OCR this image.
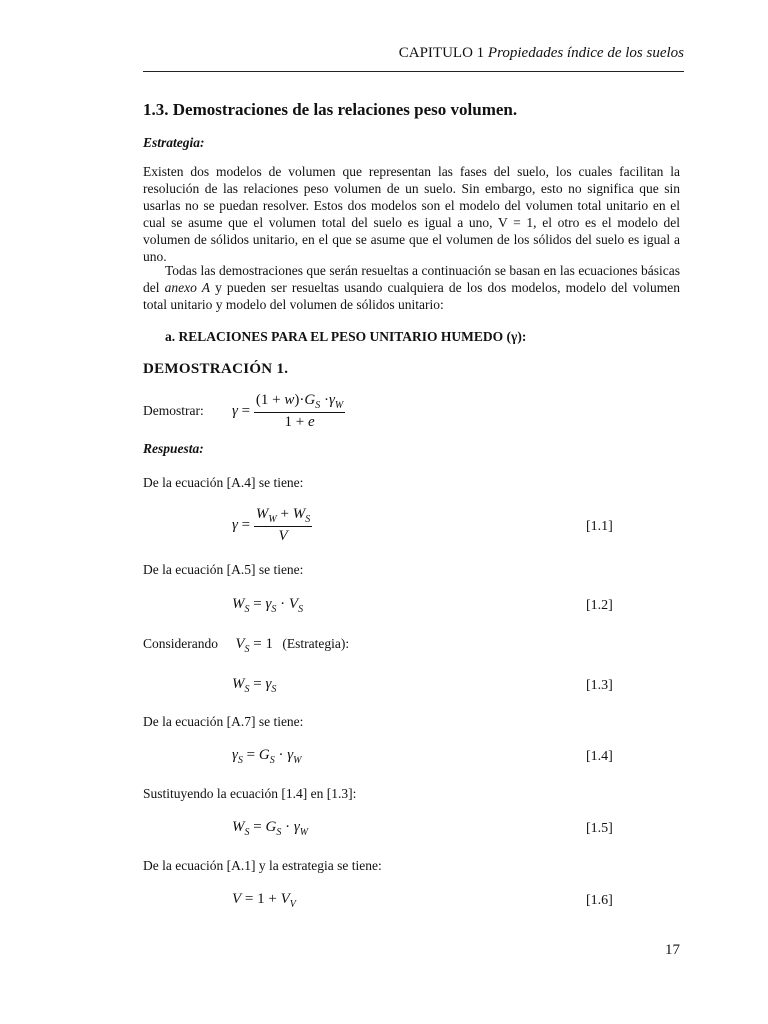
CAPITULO 1 Propiedades índice de los suelos
1.3. Demostraciones de las relaciones peso volumen.
Estrategia:
Existen dos modelos de volumen que representan las fases del suelo, los cuales facilitan la resolución de las relaciones peso volumen de un suelo. Sin embargo, esto no significa que sin usarlas no se puedan resolver. Estos dos modelos son el modelo del volumen total unitario en el cual se asume que el volumen total del suelo es igual a uno, V = 1, el otro es el modelo del volumen de sólidos unitario, en el que se asume que el volumen de los sólidos del suelo es igual a uno.
Todas las demostraciones que serán resueltas a continuación se basan en las ecuaciones básicas del anexo A y pueden ser resueltas usando cualquiera de los dos modelos, modelo del volumen total unitario y modelo del volumen de sólidos unitario:
a. RELACIONES PARA EL PESO UNITARIO HUMEDO (γ):
DEMOSTRACIÓN 1.
Demostrar: $\gamma = \frac{(1 + w)\cdot G_S \cdot\gamma_W}{1 + e}$
Respuesta:
De la ecuación [A.4] se tiene:
$\gamma = \frac{W_W + W_S}{V}$	[1.1]
De la ecuación [A.5] se tiene:
$W_S = \gamma_S \cdot V_S$	[1.2]
Considerando $V_S = 1$ (Estrategia):
$W_S = \gamma_S$	[1.3]
De la ecuación [A.7] se tiene:
$\gamma_S = G_S \cdot \gamma_W$	[1.4]
Sustituyendo la ecuación [1.4] en [1.3]:
$W_S = G_S \cdot \gamma_W$	[1.5]
De la ecuación [A.1] y la estrategia se tiene:
$V = 1 + V_V$	[1.6]
17
